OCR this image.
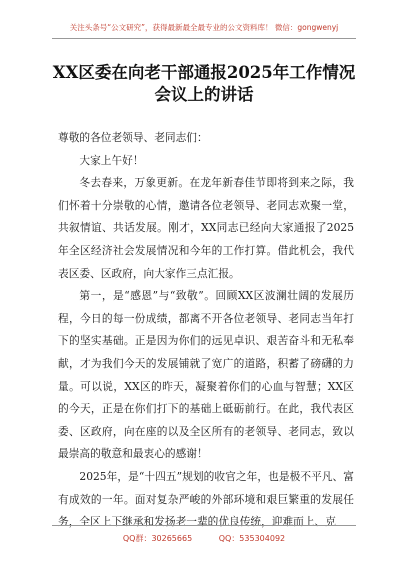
关注头条号“公文研究”，获得最新最全最专业的公文资料库！ 微信：gongwenyj
XX区委在向老干部通报2025年工作情况
会议上的讲话

尊敬的各位老领导、老同志们：

大家上午好！

冬去春来，万象更新。在龙年新春佳节即将到来之际，我们怀着十分崇敬的心情，邀请各位老领导、老同志欢聚一堂，共叙情谊、共话发展。刚才，XX同志已经向大家通报了2025年全区经济社会发展情况和今年的工作打算。借此机会，我代表区委、区政府，向大家作三点汇报。

第一，是“感恩”与“致敬”。回顾XX区波澜壮阔的发展历程，今日的每一份成绩，都离不开各位老领导、老同志当年打下的坚实基础。正是因为你们的远见卓识、艰苦奋斗和无私奉献，才为我们今天的发展铺就了宽广的道路，积蓄了磅礴的力量。可以说，XX区的昨天，凝聚着你们的心血与智慧；XX区的今天，正是在你们打下的基础上砥砺前行。在此，我代表区委、区政府，向在座的以及全区所有的老领导、老同志，致以最崇高的敬意和最衷心的感谢！

2025年，是“十四五”规划的收官之年，也是极不平凡、富有成效的一年。面对复杂严峻的外部环境和艰巨繁重的发展任务，全区上下继承和发扬老一辈的优良传统，迎难而上、克

QQ群：30265665	QQ：535304092
